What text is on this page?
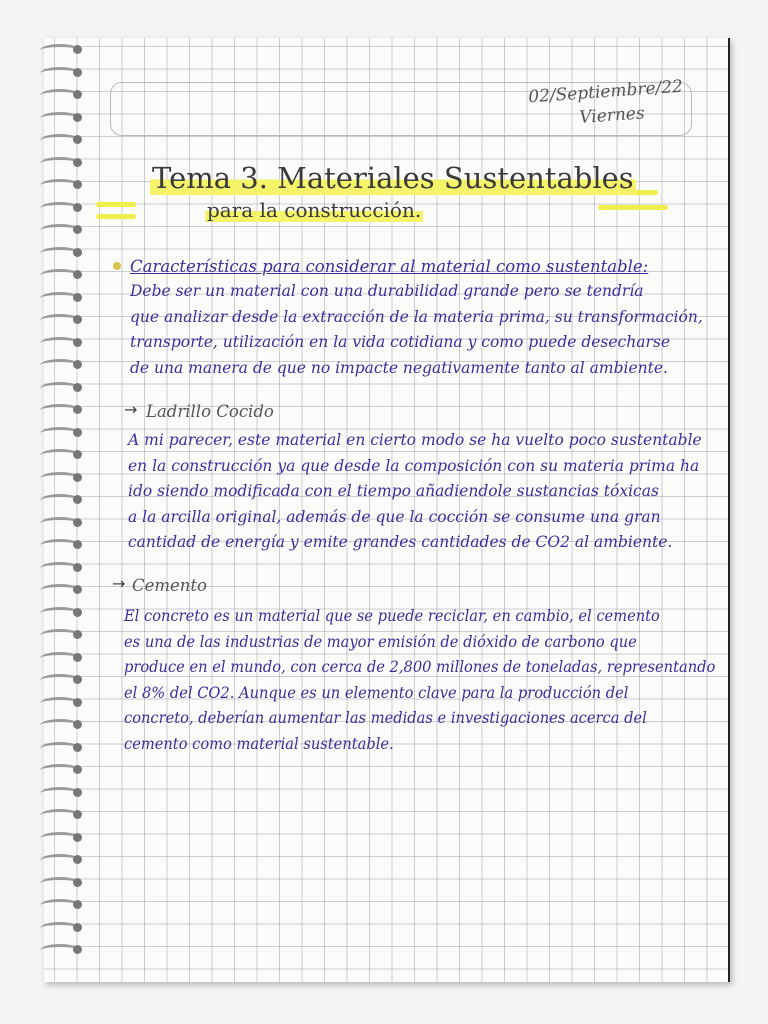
02/Septiembre/22
Viernes
Tema 3. Materiales Sustentables
para la construcción.
Características para considerar al material como sustentable:

Debe ser un material con una durabilidad grande pero se tendría

que analizar desde la extracción de la materia prima, su transformación,

transporte, utilización en la vida cotidiana y como puede desecharse

de una manera de que no impacte negativamente tanto al ambiente.

→ Ladrillo Cocido

A mi parecer, este material en cierto modo se ha vuelto poco sustentable

en la construcción ya que desde la composición con su materia prima ha

ido siendo modificada con el tiempo añadiendole sustancias tóxicas

a la arcilla original, además de que la cocción se consume una gran

cantidad de energía y emite grandes cantidades de CO2 al ambiente.

→ Cemento

El concreto es un material que se puede reciclar, en cambio, el cemento

es una de las industrias de mayor emisión de dióxido de carbono que

produce en el mundo, con cerca de 2,800 millones de toneladas, representando

el 8% del CO2. Aunque es un elemento clave para la producción del

concreto, deberían aumentar las medidas e investigaciones acerca del

cemento como material sustentable.
